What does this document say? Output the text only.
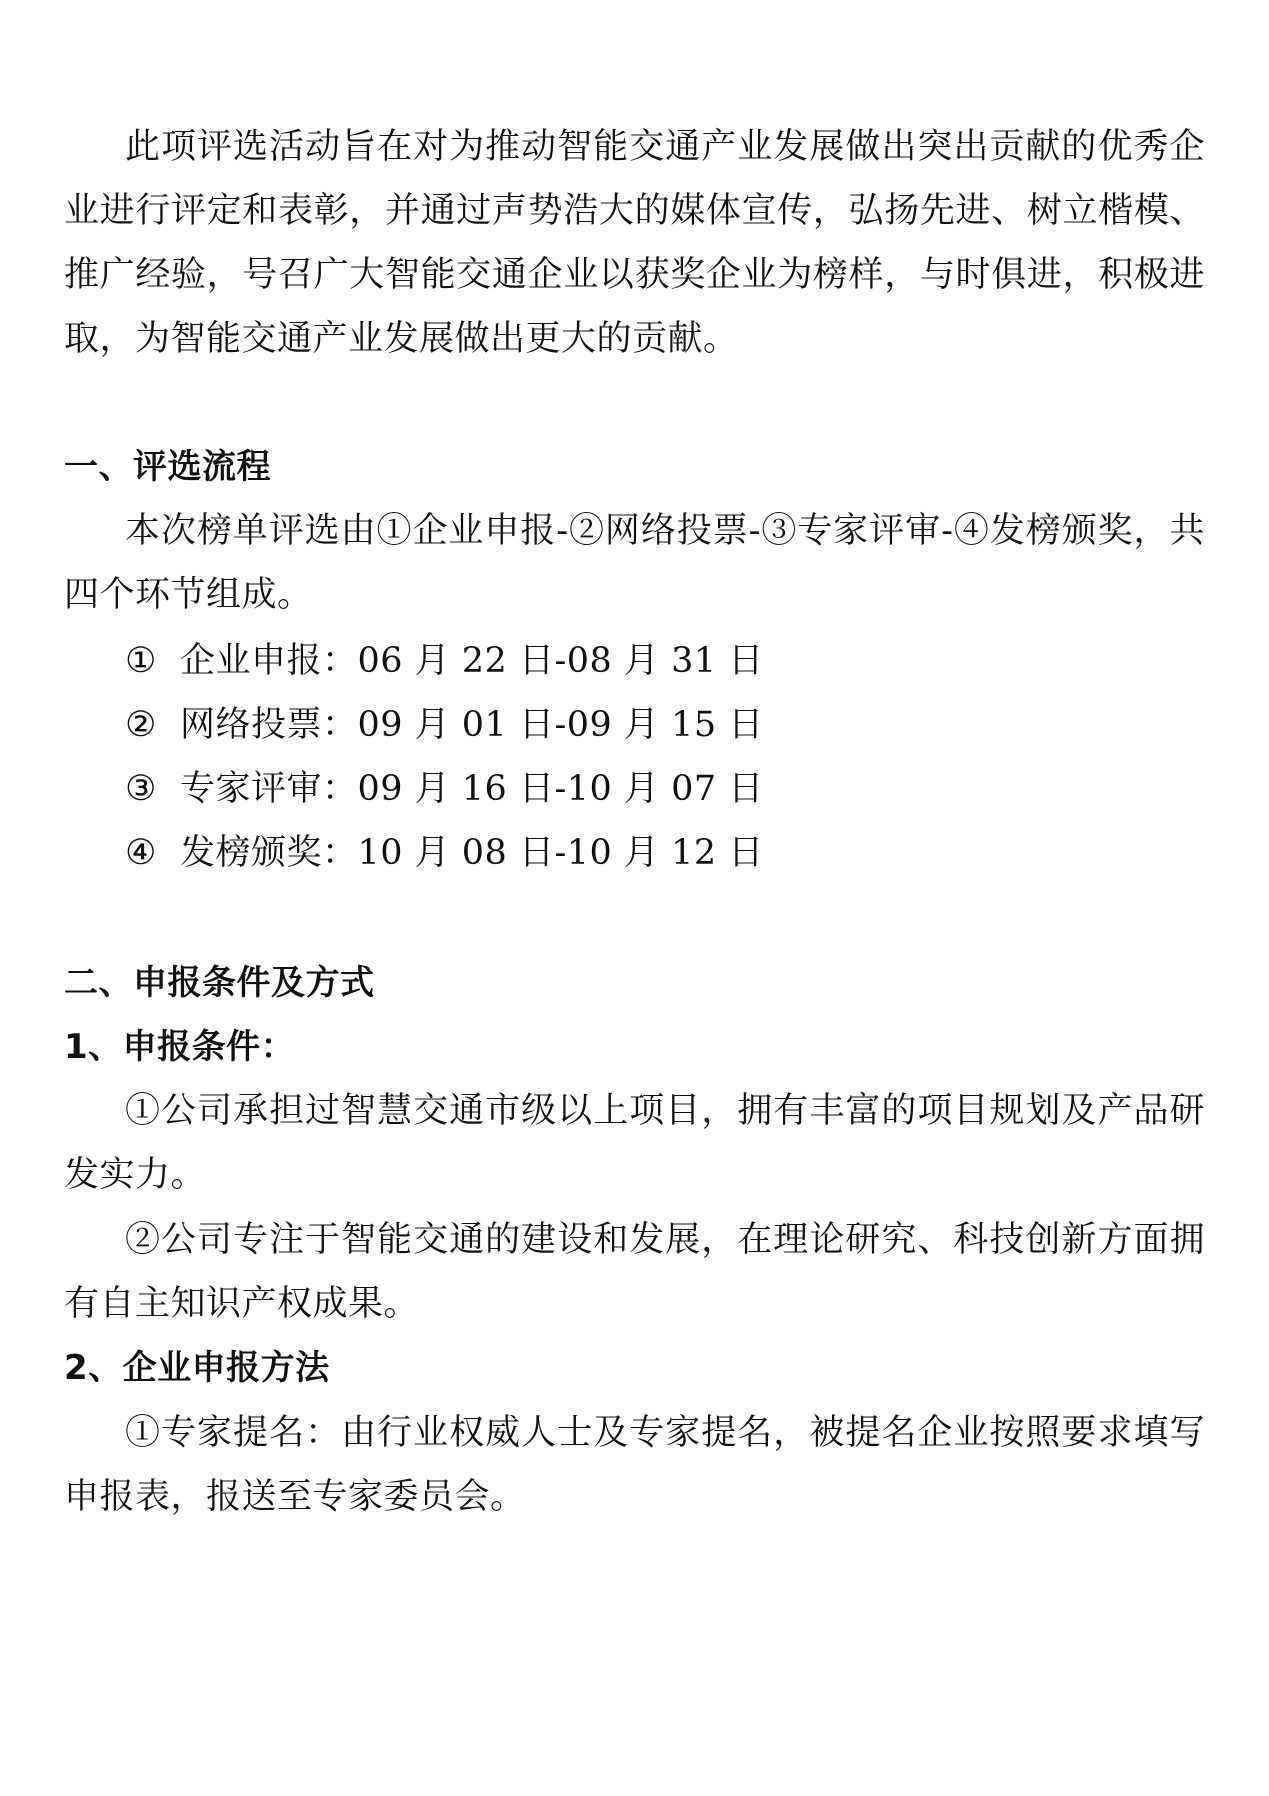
此项评选活动旨在对为推动智能交通产业发展做出突出贡献的优秀企
业进行评定和表彰，并通过声势浩大的媒体宣传，弘扬先进、树立楷模、
推广经验，号召广大智能交通企业以获奖企业为榜样，与时俱进，积极进
取，为智能交通产业发展做出更大的贡献。
一、评选流程
本次榜单评选由①企业申报-②网络投票-③专家评审-④发榜颁奖，共
四个环节组成。
① 企业申报：06 月 22 日-08 月 31 日
② 网络投票：09 月 01 日-09 月 15 日
③ 专家评审：09 月 16 日-10 月 07 日
④ 发榜颁奖：10 月 08 日-10 月 12 日
二、申报条件及方式
1、申报条件：
①公司承担过智慧交通市级以上项目，拥有丰富的项目规划及产品研
发实力。
②公司专注于智能交通的建设和发展，在理论研究、科技创新方面拥
有自主知识产权成果。
2、企业申报方法
①专家提名：由行业权威人士及专家提名，被提名企业按照要求填写
申报表，报送至专家委员会。
